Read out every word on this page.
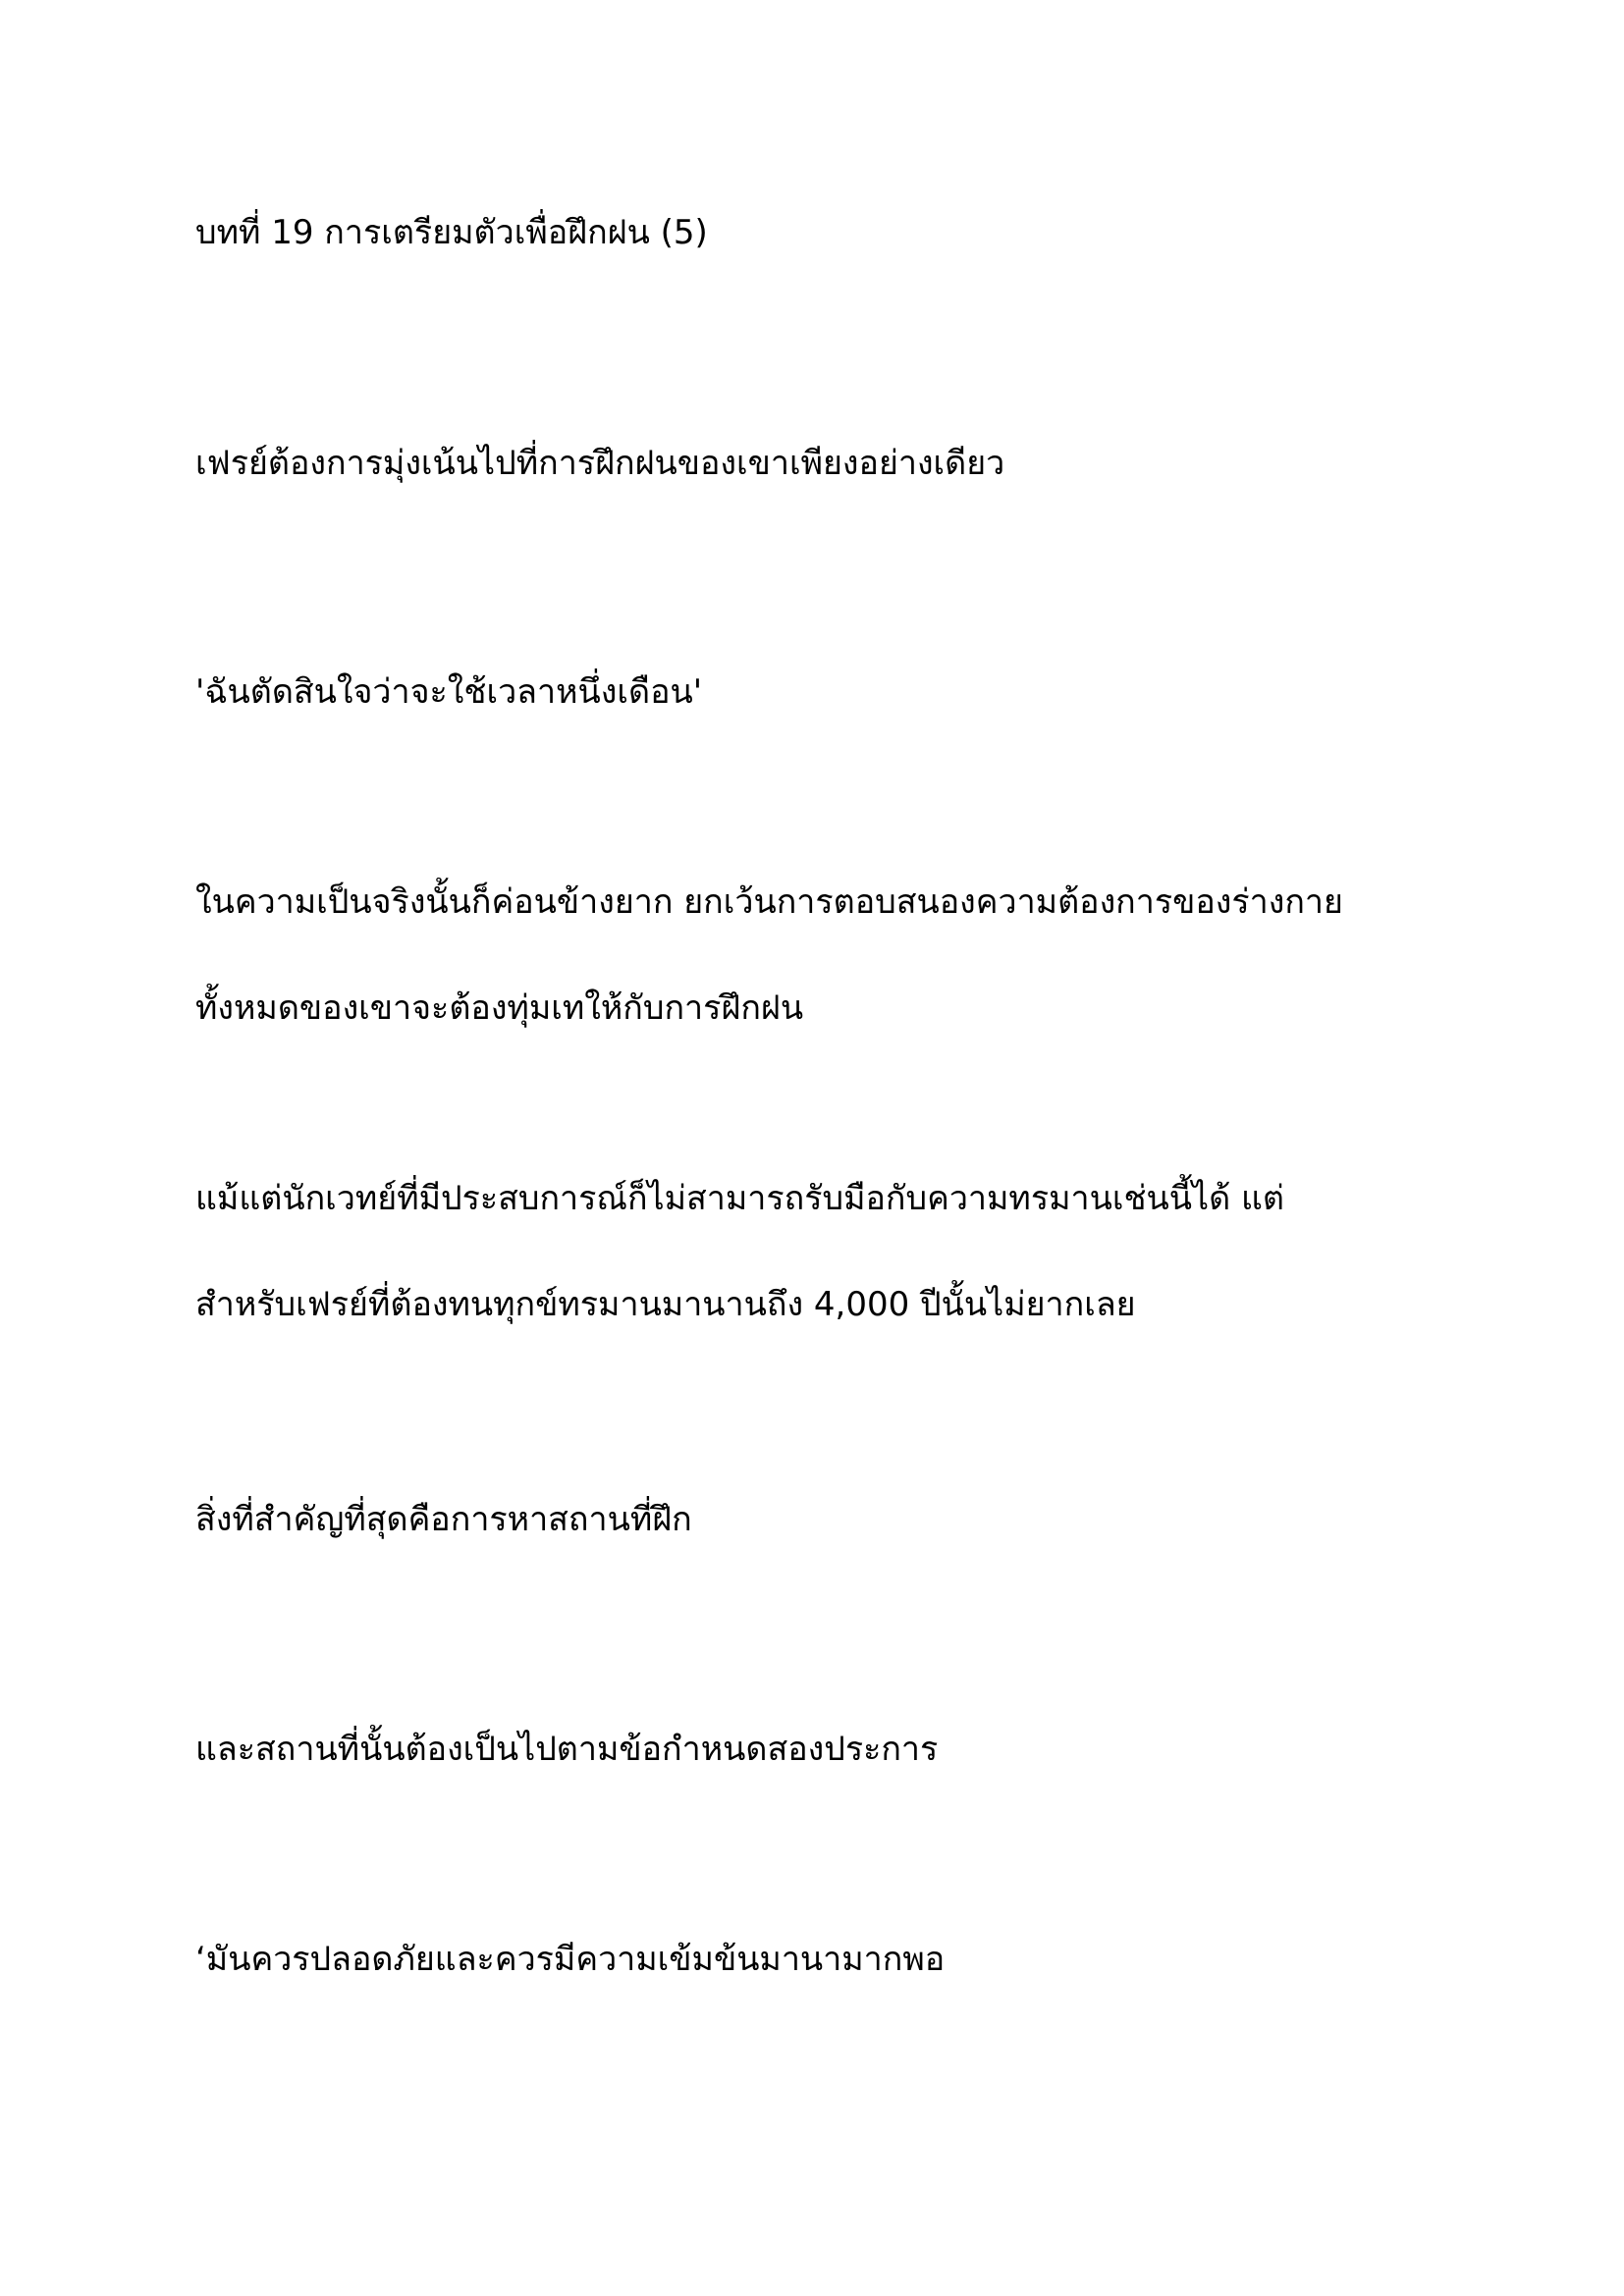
บทที่ 19 การเตรียมตัวเพื่อฝึกฝน (5)

เฟรย์ต้องการมุ่งเน้นไปที่การฝึกฝนของเขาเพียงอย่างเดียว

'ฉันตัดสินใจว่าจะใช้เวลาหนึ่งเดือน'

ในความเป็นจริงนั้นก็ค่อนข้างยาก ยกเว้นการตอบสนองความต้องการของร่างกาย
ทั้งหมดของเขาจะต้องทุ่มเทให้กับการฝึกฝน

แม้แต่นักเวทย์ที่มีประสบการณ์ก็ไม่สามารถรับมือกับความทรมานเช่นนี้ได้ แต่
สำหรับเฟรย์ที่ต้องทนทุกข์ทรมานมานานถึง 4,000 ปีนั้นไม่ยากเลย

สิ่งที่สำคัญที่สุดคือการหาสถานที่ฝึก

และสถานที่นั้นต้องเป็นไปตามข้อกำหนดสองประการ

‘มันควรปลอดภัยและควรมีความเข้มข้นมานามากพอ
